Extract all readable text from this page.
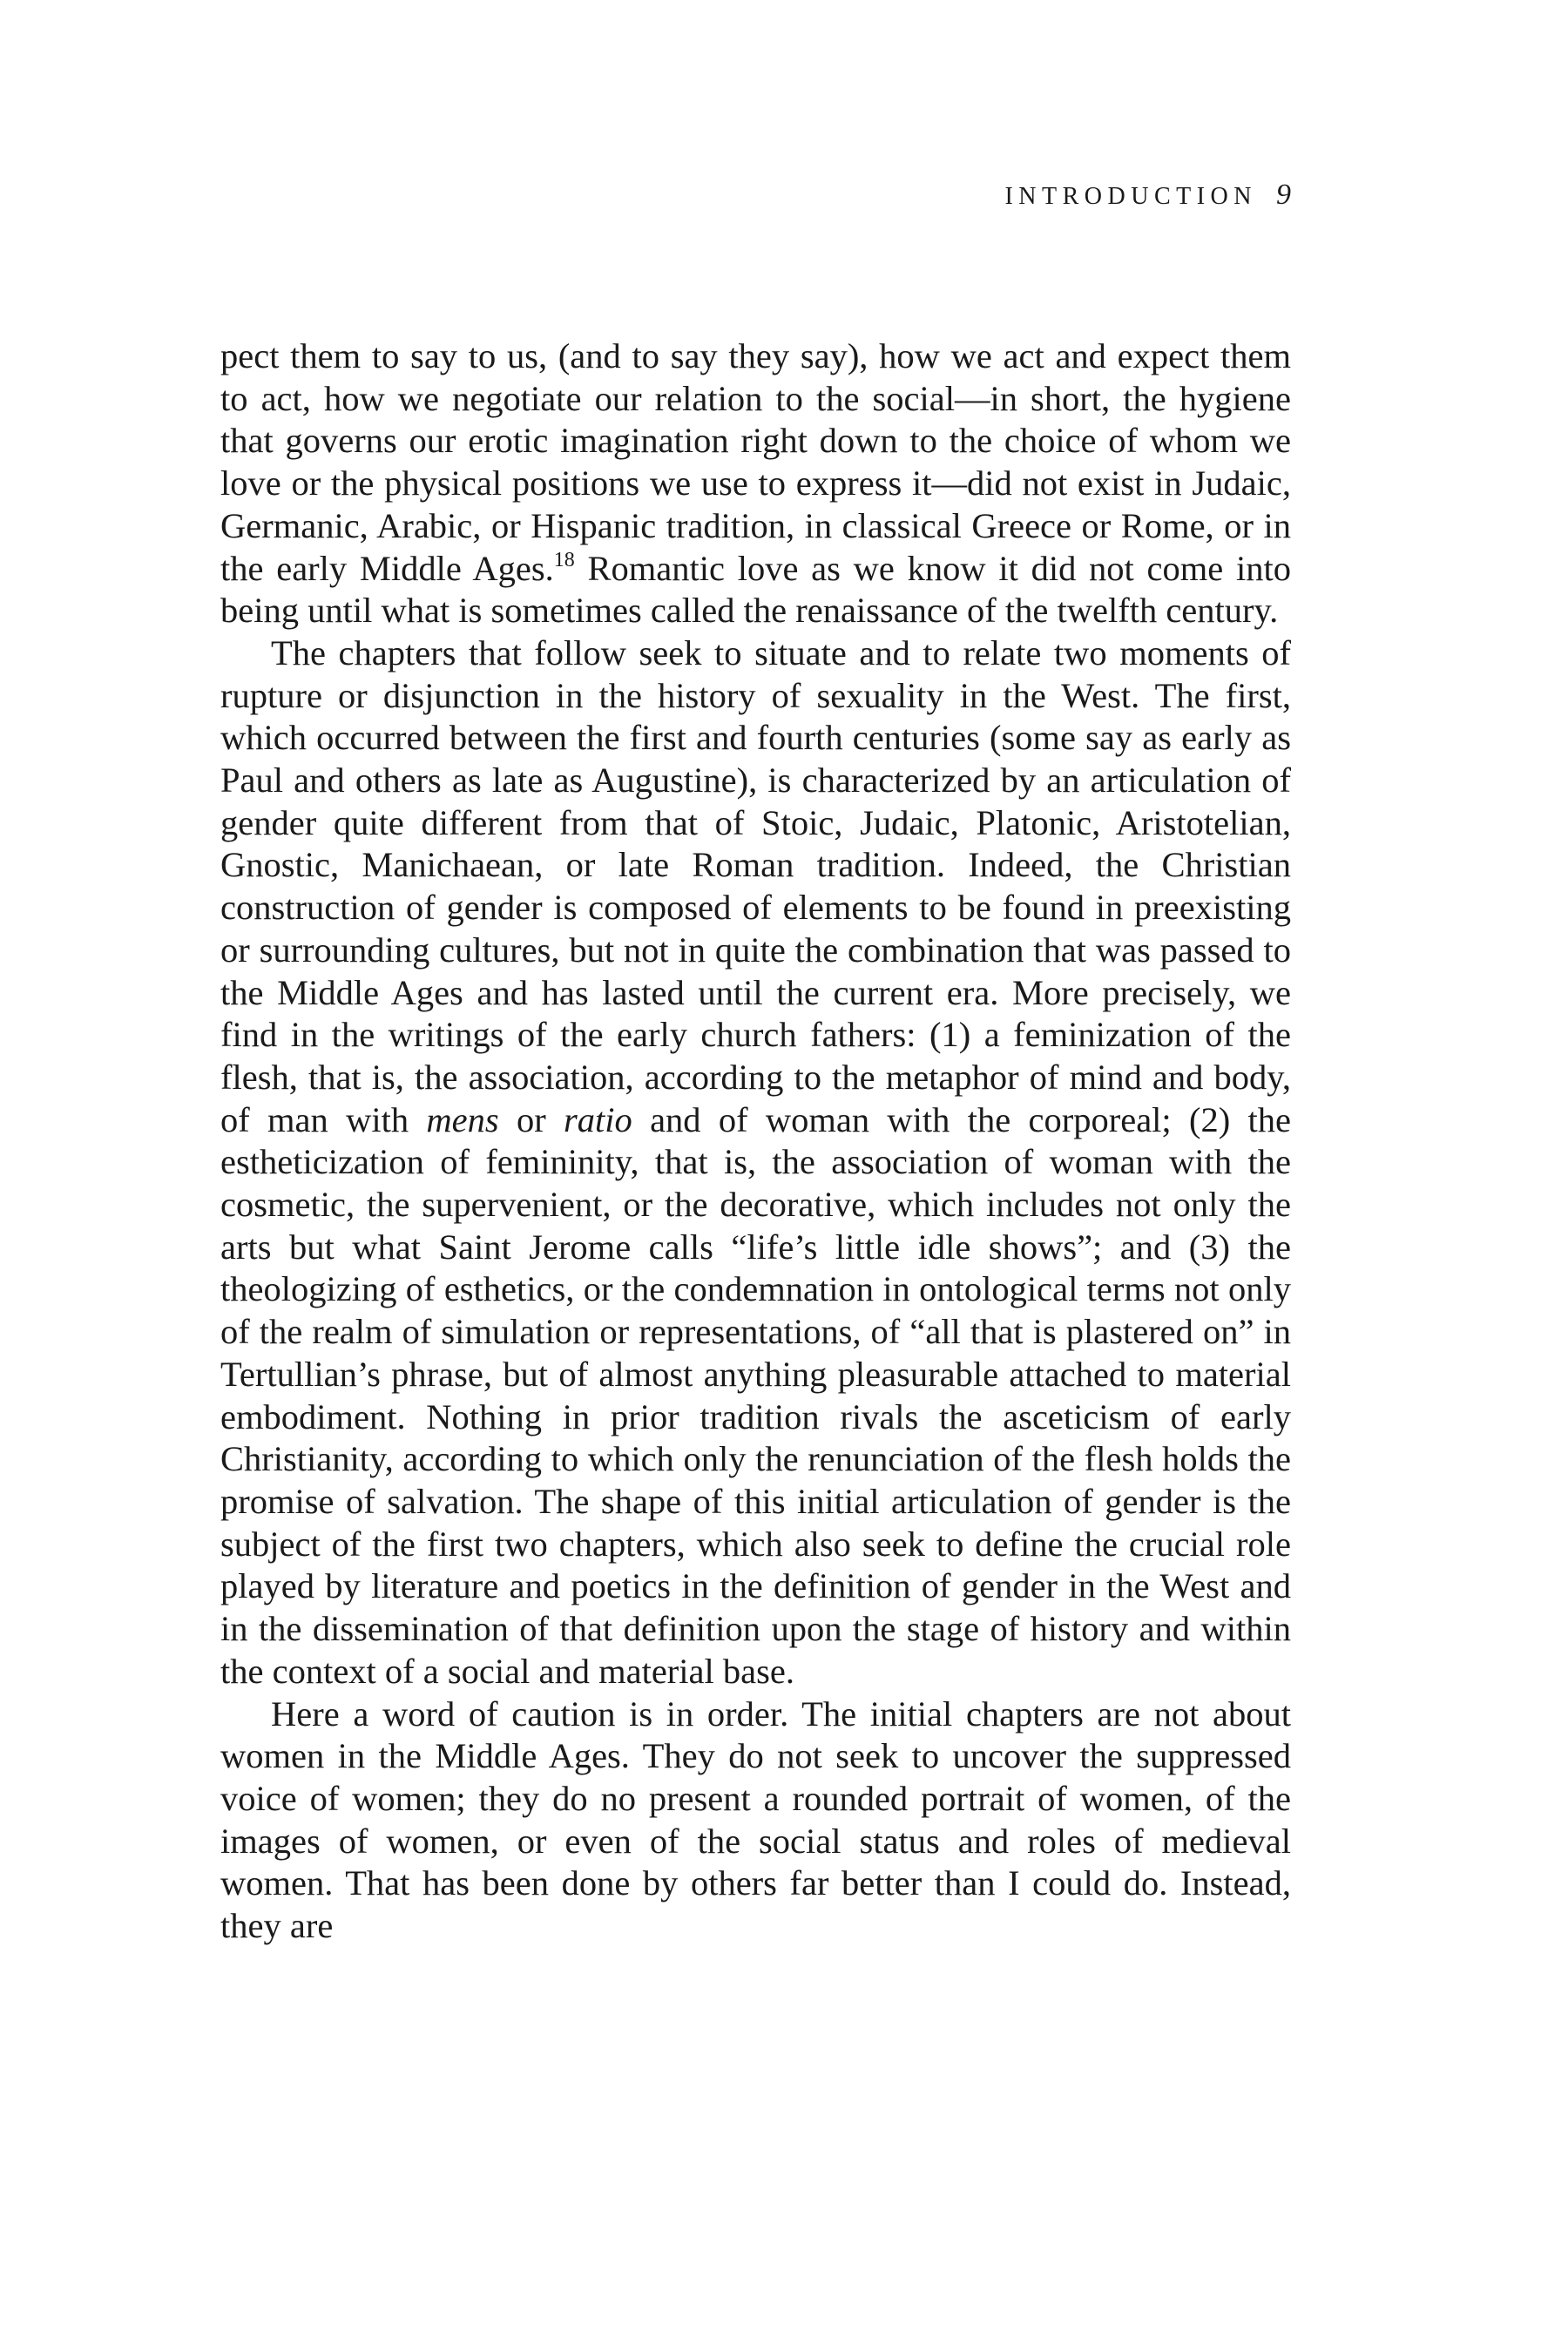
INTRODUCTION 9

pect them to say to us, (and to say they say), how we act and expect them to act, how we negotiate our relation to the social—in short, the hygiene that governs our erotic imagination right down to the choice of whom we love or the physical positions we use to express it—did not exist in Judaic, Germanic, Arabic, or Hispanic tradition, in classical Greece or Rome, or in the early Middle Ages.$^{18}$ Romantic love as we know it did not come into being until what is sometimes called the renaissance of the twelfth century.

The chapters that follow seek to situate and to relate two moments of rupture or disjunction in the history of sexuality in the West. The first, which occurred between the first and fourth centuries (some say as early as Paul and others as late as Augustine), is characterized by an articulation of gender quite different from that of Stoic, Judaic, Platonic, Aristotelian, Gnostic, Manichaean, or late Roman tradition. Indeed, the Christian construction of gender is composed of elements to be found in preexisting or surrounding cultures, but not in quite the combination that was passed to the Middle Ages and has lasted until the current era. More precisely, we find in the writings of the early church fathers: (1) a feminization of the flesh, that is, the association, according to the metaphor of mind and body, of man with mens or ratio and of woman with the corporeal; (2) the estheticization of femininity, that is, the association of woman with the cosmetic, the supervenient, or the decorative, which includes not only the arts but what Saint Jerome calls “life’s little idle shows”; and (3) the theologizing of esthetics, or the condemnation in ontological terms not only of the realm of simulation or representations, of “all that is plastered on” in Tertullian’s phrase, but of almost anything pleasurable attached to material embodiment. Nothing in prior tradition rivals the asceticism of early Christianity, according to which only the renunciation of the flesh holds the promise of salvation. The shape of this initial articulation of gender is the subject of the first two chapters, which also seek to define the crucial role played by literature and poetics in the definition of gender in the West and in the dissemination of that definition upon the stage of history and within the context of a social and material base.

Here a word of caution is in order. The initial chapters are not about women in the Middle Ages. They do not seek to uncover the suppressed voice of women; they do no present a rounded portrait of women, of the images of women, or even of the social status and roles of medieval women. That has been done by others far better than I could do. Instead, they are
